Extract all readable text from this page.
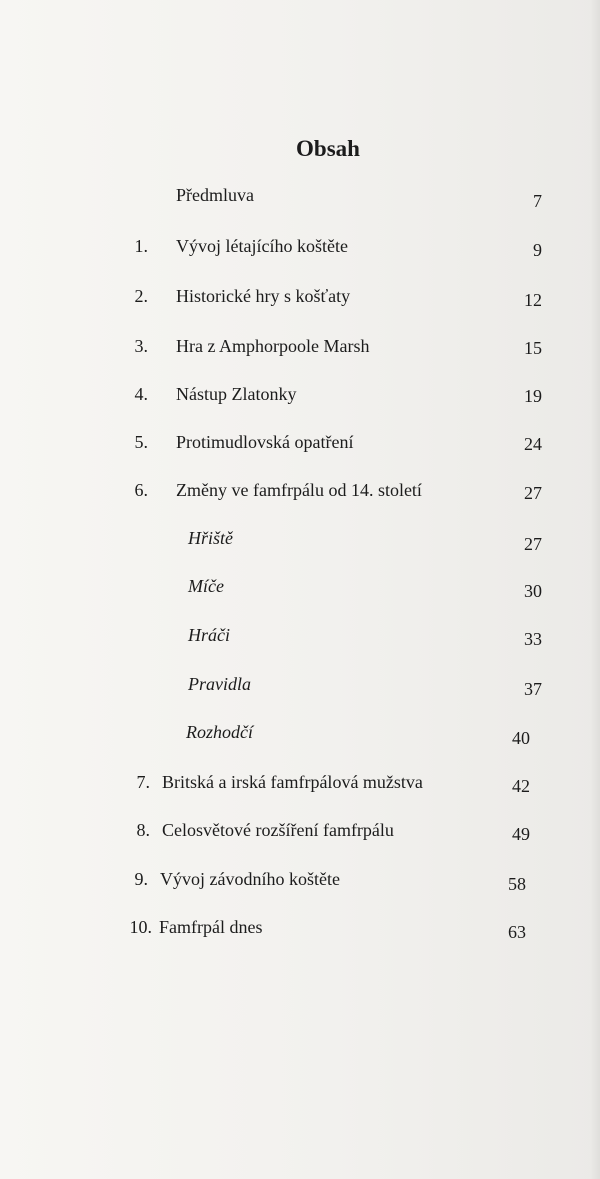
Obsah
Předmluva	7
1. Vývoj létajícího koštěte	9
2. Historické hry s košťaty	12
3. Hra z Amphorpoole Marsh	15
4. Nástup Zlatonky	19
5. Protimudlovská opatření	24
6. Změny ve famfrpálu od 14. století	27
Hřiště	27
Míče	30
Hráči	33
Pravidla	37
Rozhodčí	40
7. Britská a irská famfrpálová mužstva	42
8. Celosvětové rozšíření famfrpálu	49
9. Vývoj závodního koštěte	58
10. Famfrpál dnes	63
